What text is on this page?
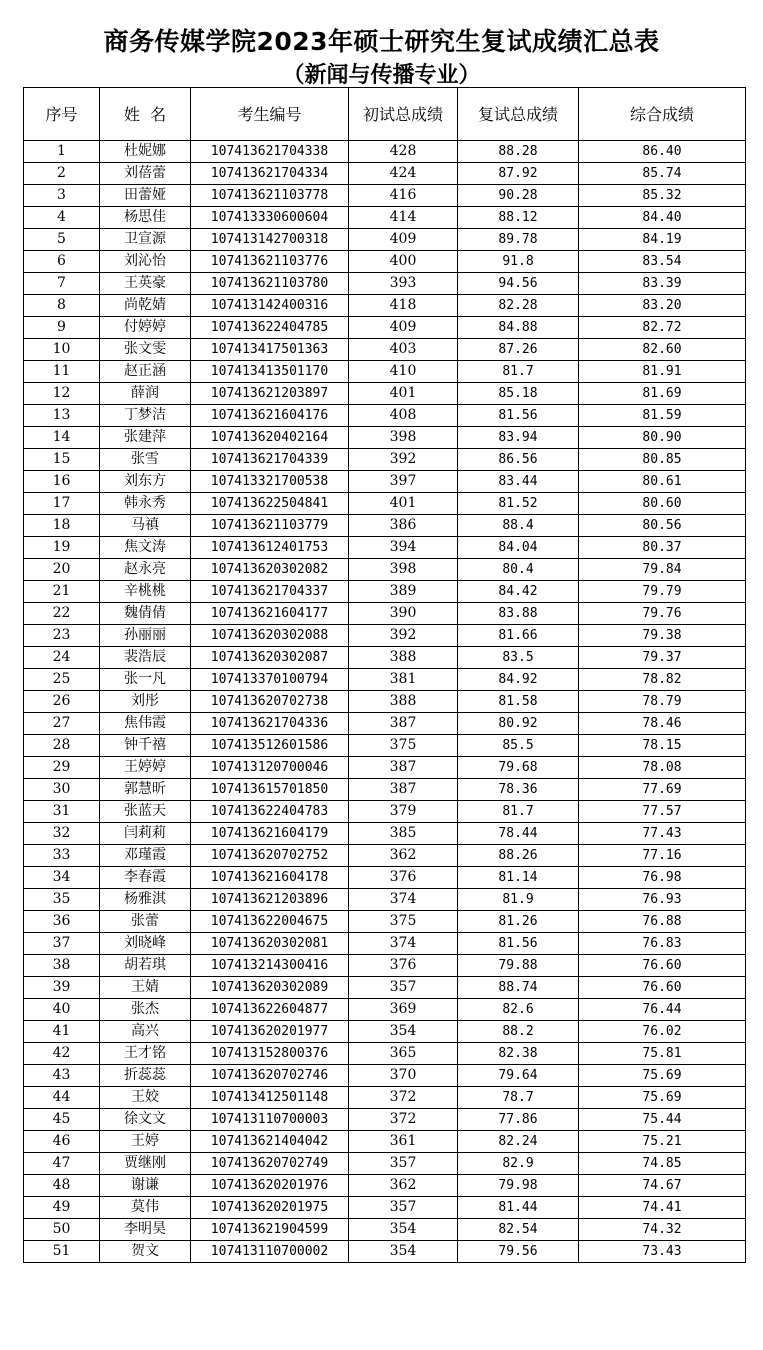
商务传媒学院2023年硕士研究生复试成绩汇总表
（新闻与传播专业）
序号	姓  名	考生编号	初试总成绩	复试总成绩	综合成绩
1	杜妮娜	107413621704338	428	88.28	86.40
2	刘蓓蕾	107413621704334	424	87.92	85.74
3	田蕾娅	107413621103778	416	90.28	85.32
4	杨思佳	107413330600604	414	88.12	84.40
5	卫宣源	107413142700318	409	89.78	84.19
6	刘沁怡	107413621103776	400	91.8	83.54
7	王英豪	107413621103780	393	94.56	83.39
8	尚乾婧	107413142400316	418	82.28	83.20
9	付婷婷	107413622404785	409	84.88	82.72
10	张文雯	107413417501363	403	87.26	82.60
11	赵正涵	107413413501170	410	81.7	81.91
12	薛润	107413621203897	401	85.18	81.69
13	丁梦洁	107413621604176	408	81.56	81.59
14	张建萍	107413620402164	398	83.94	80.90
15	张雪	107413621704339	392	86.56	80.85
16	刘东方	107413321700538	397	83.44	80.61
17	韩永秀	107413622504841	401	81.52	80.60
18	马禛	107413621103779	386	88.4	80.56
19	焦文涛	107413612401753	394	84.04	80.37
20	赵永亮	107413620302082	398	80.4	79.84
21	辛桃桃	107413621704337	389	84.42	79.79
22	魏倩倩	107413621604177	390	83.88	79.76
23	孙丽丽	107413620302088	392	81.66	79.38
24	裴浩辰	107413620302087	388	83.5	79.37
25	张一凡	107413370100794	381	84.92	78.82
26	刘彤	107413620702738	388	81.58	78.79
27	焦伟霞	107413621704336	387	80.92	78.46
28	钟千禧	107413512601586	375	85.5	78.15
29	王婷婷	107413120700046	387	79.68	78.08
30	郭慧昕	107413615701850	387	78.36	77.69
31	张蓝天	107413622404783	379	81.7	77.57
32	闫莉莉	107413621604179	385	78.44	77.43
33	邓瑾霞	107413620702752	362	88.26	77.16
34	李春霞	107413621604178	376	81.14	76.98
35	杨雅淇	107413621203896	374	81.9	76.93
36	张蕾	107413622004675	375	81.26	76.88
37	刘晓峰	107413620302081	374	81.56	76.83
38	胡若琪	107413214300416	376	79.88	76.60
39	王婧	107413620302089	357	88.74	76.60
40	张杰	107413622604877	369	82.6	76.44
41	高兴	107413620201977	354	88.2	76.02
42	王才铭	107413152800376	365	82.38	75.81
43	折蕊蕊	107413620702746	370	79.64	75.69
44	王姣	107413412501148	372	78.7	75.69
45	徐文文	107413110700003	372	77.86	75.44
46	王婷	107413621404042	361	82.24	75.21
47	贾继刚	107413620702749	357	82.9	74.85
48	谢谦	107413620201976	362	79.98	74.67
49	莫伟	107413620201975	357	81.44	74.41
50	李明昊	107413621904599	354	82.54	74.32
51	贺文	107413110700002	354	79.56	73.43
